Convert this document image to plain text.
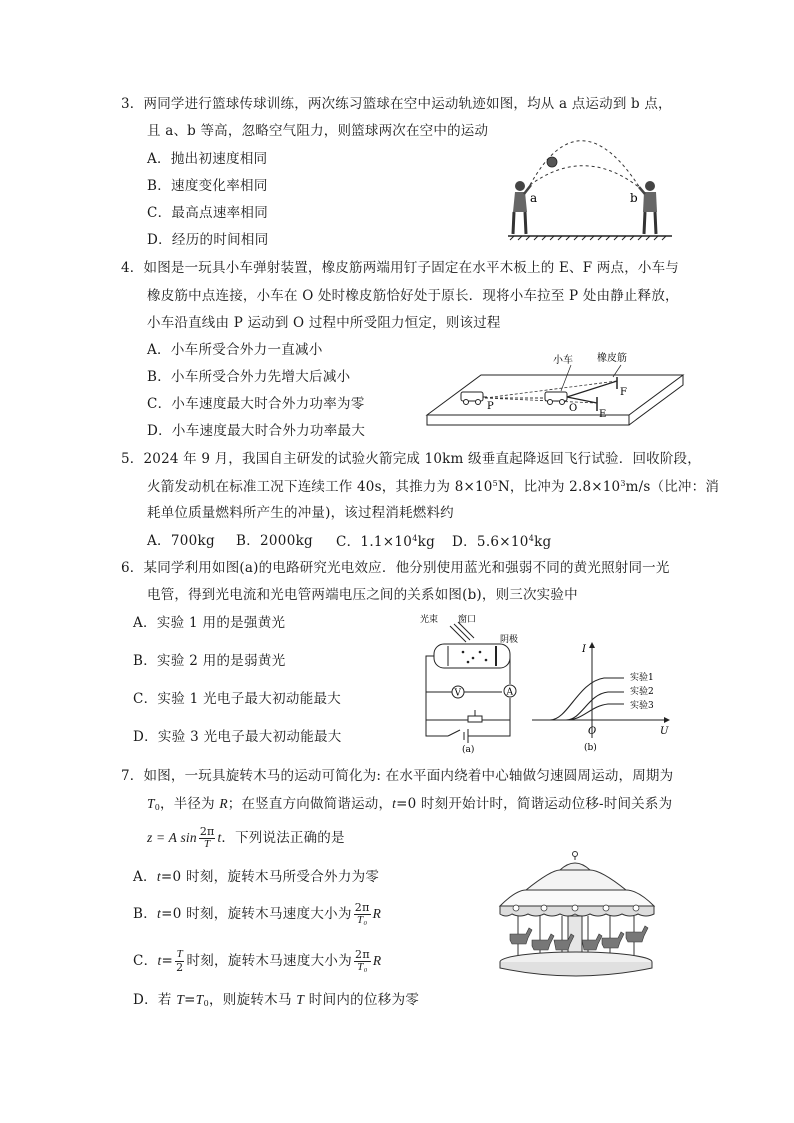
3．两同学进行篮球传球训练，两次练习篮球在空中运动轨迹如图，均从 a 点运动到 b 点，
且 a、b 等高，忽略空气阻力，则篮球两次在空中的运动
A．抛出初速度相同
B．速度变化率相同
C．最高点速率相同
D．经历的时间相同
a	b
4．如图是一玩具小车弹射装置，橡皮筋两端用钉子固定在水平木板上的 E、F 两点，小车与
橡皮筋中点连接，小车在 O 处时橡皮筋恰好处于原长．现将小车拉至 P 处由静止释放，
小车沿直线由 P 运动到 O 过程中所受阻力恒定，则该过程
A．小车所受合外力一直减小
B．小车所受合外力先增大后减小
C．小车速度最大时合外力功率为零
D．小车速度最大时合外力功率最大
小车 橡皮筋
P	O
E
F
5．2024 年 9 月，我国自主研发的试验火箭完成 10km 级垂直起降返回飞行试验．回收阶段，
火箭发动机在标准工况下连续工作 40s，其推力为 $8\times 10^5N$，比冲为 $2.8\times 10^3m/s$（比冲：消
耗单位质量燃料所产生的冲量)，该过程消耗燃料约
A．700kg B．2000kg C．$1.1\times 10^4kg$ D．$5.6\times 10^4kg$
6．某同学利用如图(a)的电路研究光电效应．他分别使用蓝光和强弱不同的黄光照射同一光
电管，得到光电流和光电管两端电压之间的关系如图(b)，则三次实验中
A．实验 1 用的是强黄光
B．实验 2 用的是弱黄光
C．实验 1 光电子最大初动能最大
D．实验 3 光电子最大初动能最大
V	A
光束 窗口
阴极
(a)
实验1
实验2
实验3
I
U
O
(b)
7．如图，一玩具旋转木马的运动可简化为: 在水平面内绕着中心轴做匀速圆周运动，周期为
$T_0$，半径为 R；在竖直方向做简谐运动，t=0 时刻开始计时，简谐运动位移-时间关系为
z = A $\sin \frac{2\pi}{T}$ t．下列说法正确的是
A．t=0 时刻，旋转木马所受合外力为零
B．t=0 时刻，旋转木马速度大小为 $\frac{2\pi}{\text{T₀}}$ R
C．$t= \frac{T}{2}$ 时刻，旋转木马速度大小为 $\frac{2\pi}{\text{T₀}}$ R
D．若 $T=T_0$，则旋转木马 T 时间内的位移为零
